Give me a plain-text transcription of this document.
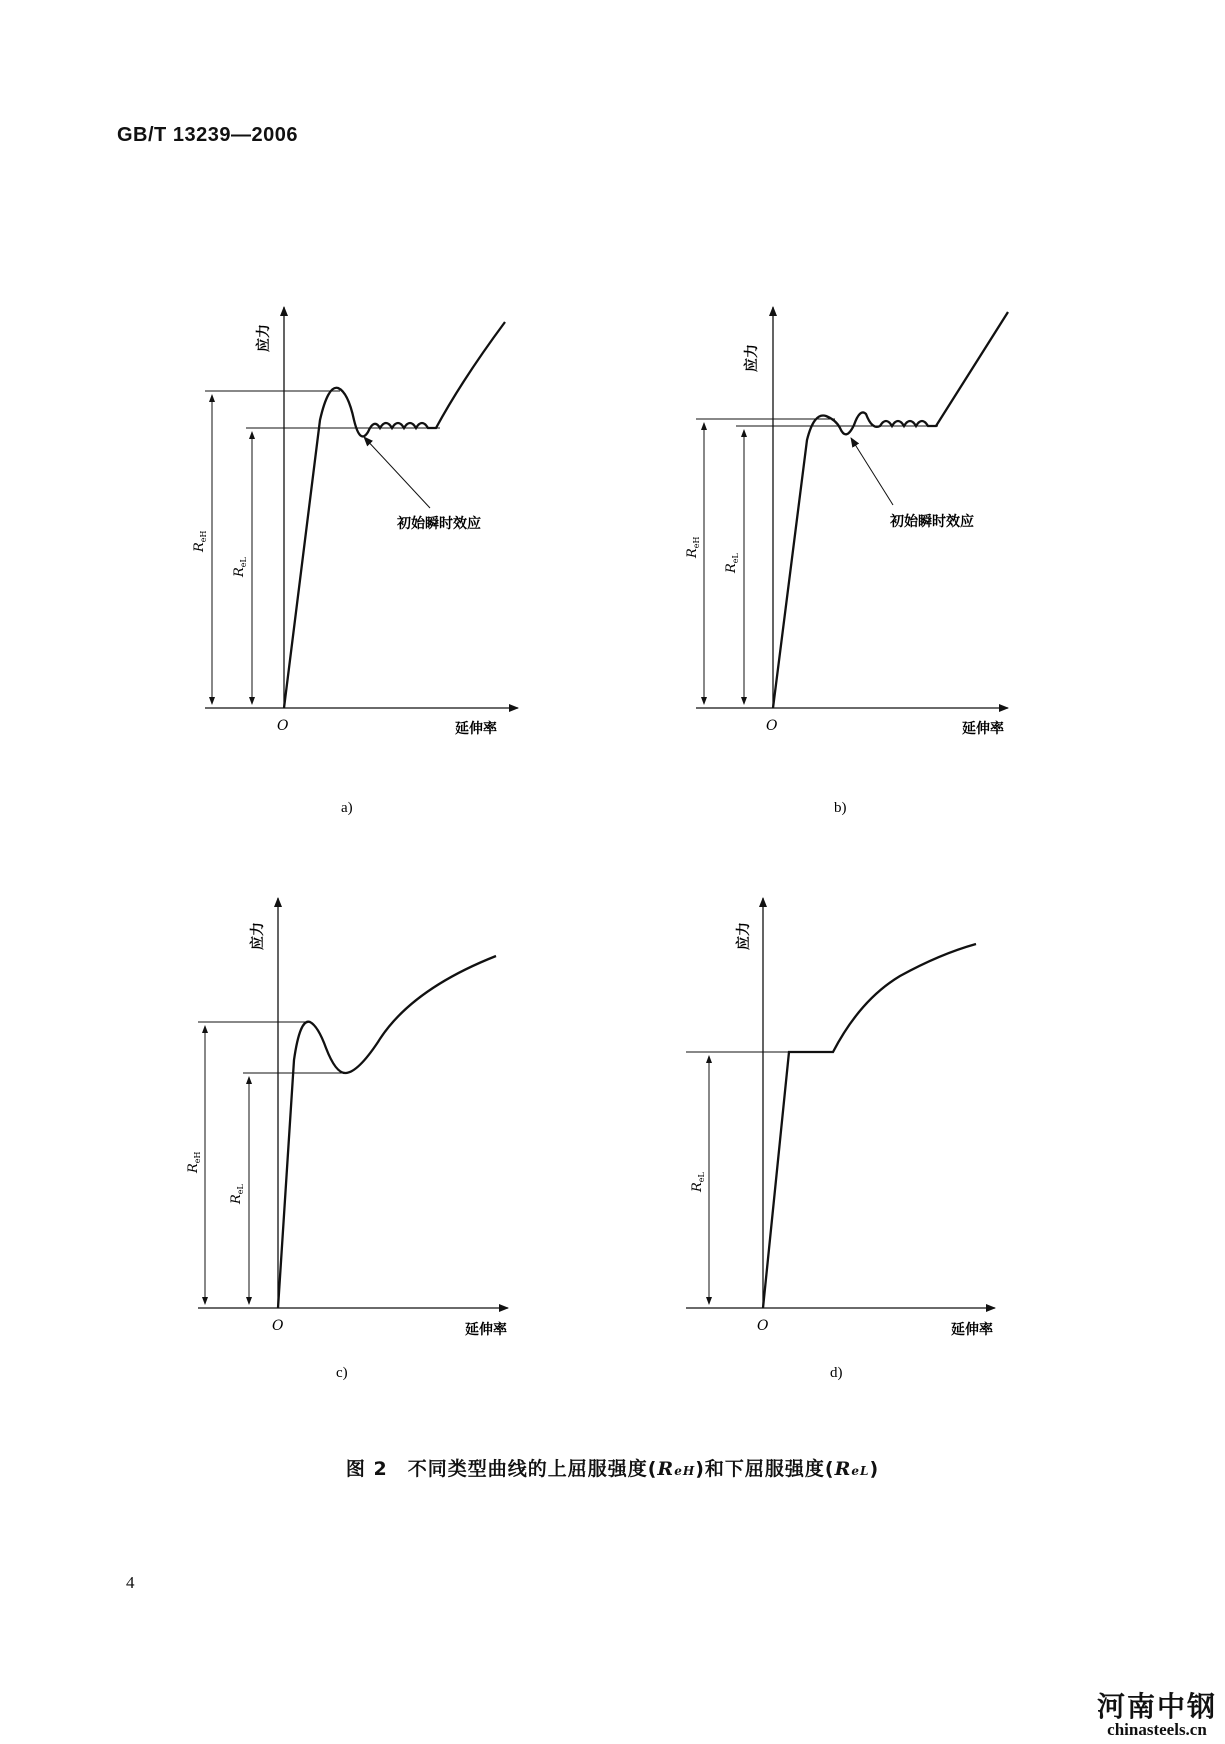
GB/T 13239—2006
应力
延伸率
O
初始瞬时效应
$R_{eH}$
$R_{eL}$
a)
应力
延伸率
O
初始瞬时效应
$R_{eH}$
$R_{eL}$
b)
应力
延伸率
O
$R_{eH}$
$R_{eL}$
c)
应力
延伸率
O
$R_{eL}$
d)
图 2　不同类型曲线的上屈服强度(ReH)和下屈服强度(ReL)
4
河南中钢
chinasteels.cn
